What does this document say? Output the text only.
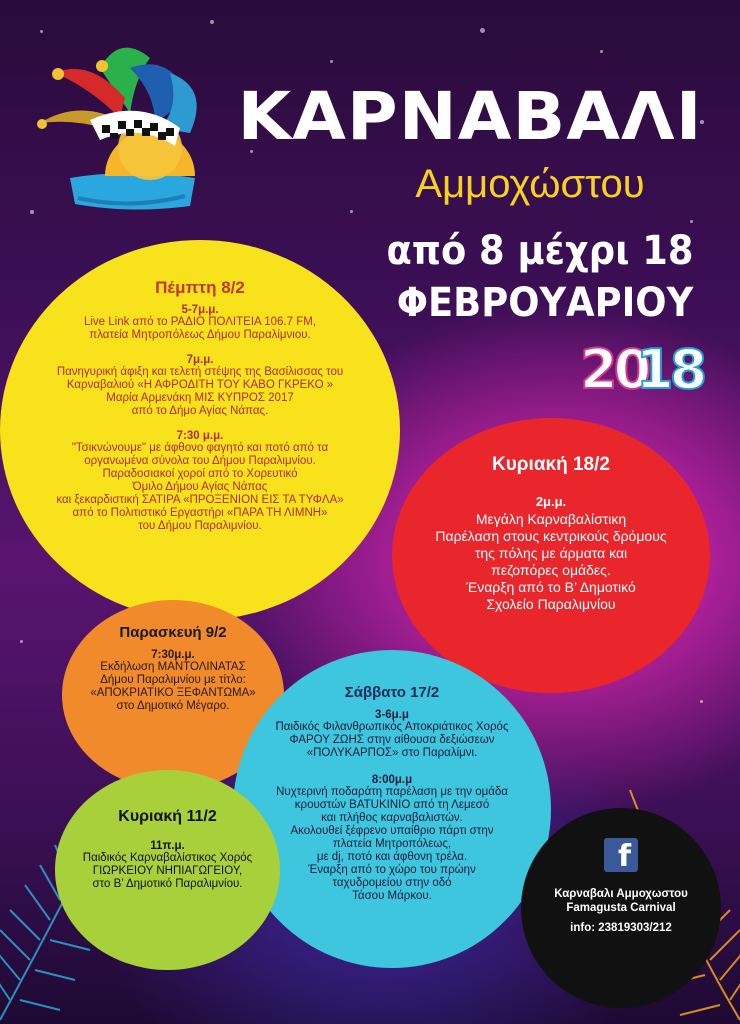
ΚΑΡΝΑΒΑΛΙ
Αμμοχώστου
από 8 μέχρι 18
ΦΕΒΡΟΥΑΡΙΟΥ
20
18
Πέμπτη 8/2

5-7μ.μ.

Live Link από το ΡΑΔΙΟ ΠΟΛΙΤΕΙΑ 106.7 FM,

πλατεία Μητροπόλεως Δήμου Παραλίμνιου.

7μ.μ.

Πανηγυρική άφιξη και τελετή στέψης της Βασίλισσας του

Καρναβαλιού «Η ΑΦΡΟΔΙΤΗ ΤΟΥ ΚΑΒΟ ΓΚΡΕΚΟ »

Μαρία Αρμενάκη ΜΙΣ ΚΥΠΡΟΣ 2017

από το Δήμο Αγίας Νάπας.

7:30 μ.μ.

"Τσικνώνουμε" με άφθονο φαγητό και ποτό από τα

οργανωμένα σύνολα του Δήμου Παραλιμνίου.

Παραδοσιακοί χοροί από το Χορευτικό

Όμιλο Δήμου Αγίας Νάπας

και ξεκαρδιστική ΣΑΤΙΡΑ «ΠΡΟΞΕΝΙΟΝ ΕΙΣ ΤΑ ΤΥΦΛΑ»

από το Πολιτιστικό Εργαστήρι «ΠΑΡΑ ΤΗ ΛΙΜΝΗ»

του Δήμου Παραλιμνίου.

Κυριακή 18/2

2μ.μ.

Μεγάλη Καρναβαλίστικη

Παρέλαση στους κεντρικούς δρόμους

της πόλης με άρματα και

πεζοπόρες ομάδες.

Έναρξη από το Β’ Δημοτικό

Σχολείο Παραλιμνίου

Παρασκευή 9/2

7:30μ.μ.

Εκδήλωση ΜΑΝΤΟΛΙΝΑΤΑΣ

Δήμου Παραλιμνίου με τίτλο:

«ΑΠΟΚΡΙΑΤΙΚΟ ΞΕΦΑΝΤΩΜΑ»

στο Δημοτικό Μέγαρο.

Σάββατο 17/2

3-6μ.μ

Παιδικός Φιλανθρωπικός Αποκριάτικος Χορός

ΦΑΡΟΥ ΖΩΗΣ στην αίθουσα δεξιώσεων

«ΠΟΛΥΚΑΡΠΟΣ» στο Παραλίμνι.

8:00μ.μ

Νυχτερινή ποδαράτη παρέλαση με την ομάδα

κρουστών BATUKINIO από τη Λεμεσό

και πλήθος καρναβαλιστών.

Ακολουθεί ξέφρενο υπαίθριο πάρτι στην

πλατεία Μητροπόλεως,

με dj, ποτό και άφθονη τρέλα.

Έναρξη από το χώρο του πρώην

ταχυδρομείου στην οδό

Τάσου Μάρκου.

Κυριακή 11/2

11π.μ.

Παιδικός Καρναβαλίστικος Χορός

ΓΙΩΡΚΕΙΟΥ ΝΗΠΙΑΓΩΓΕΙΟΥ,

στο Β’ Δημοτικό Παραλιμνίου.

f

Καρναβαλι Αμμοχωστου

Famagusta Carnival

info: 23819303/212
